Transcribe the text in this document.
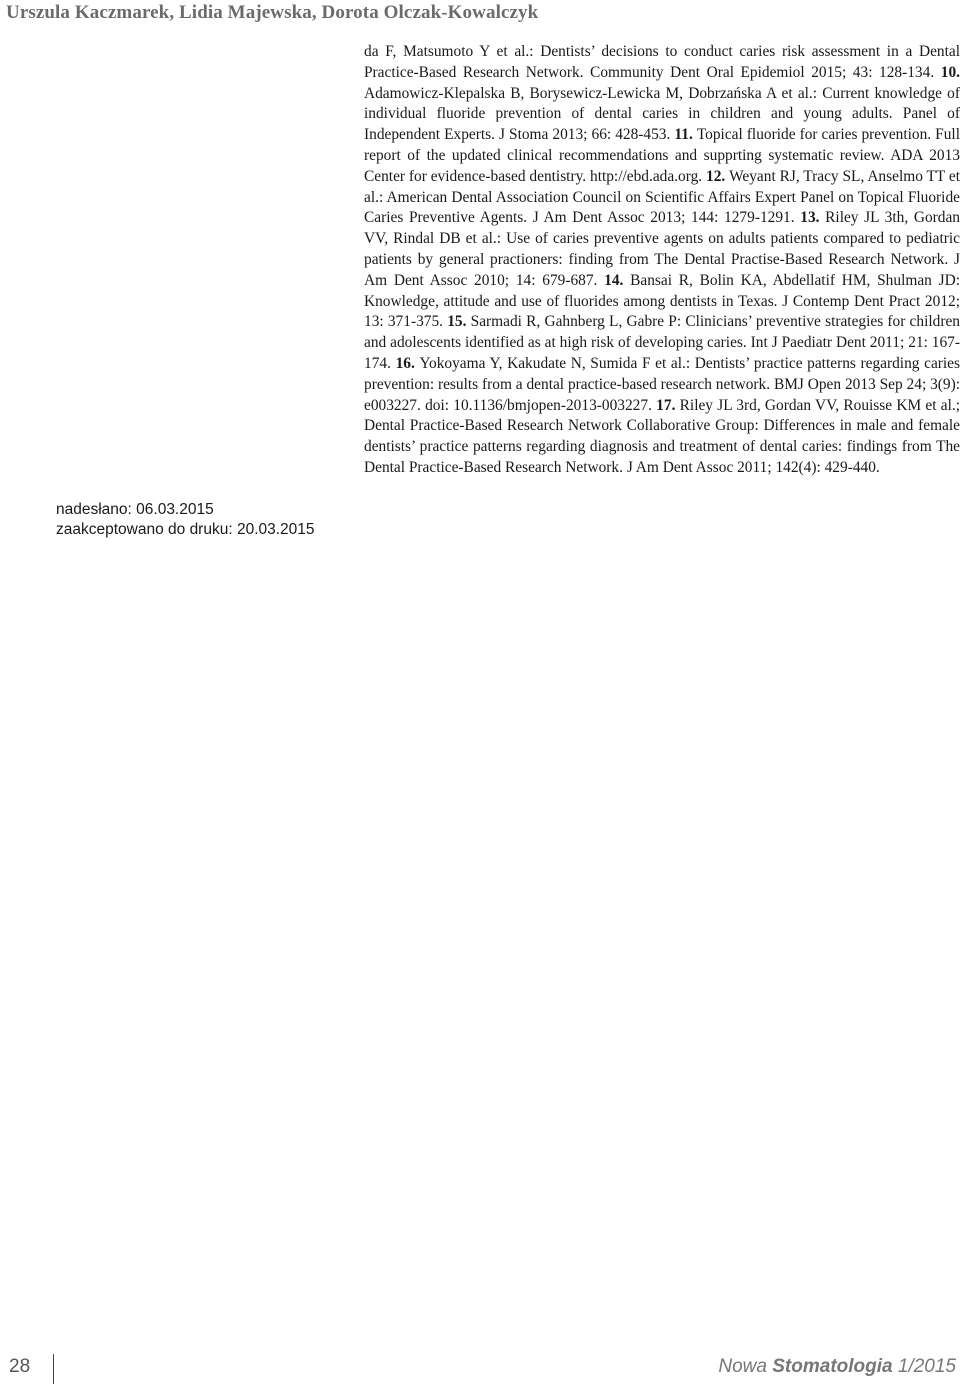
Urszula Kaczmarek, Lidia Majewska, Dorota Olczak-Kowalczyk
nadesłano: 06.03.2015
zaakceptowano do druku: 20.03.2015
da F, Matsumoto Y et al.: Dentists’ decisions to conduct caries risk assessment in a Dental Practice-Based Research Network. Community Dent Oral Epidemiol 2015; 43: 128-134. 10. Adamowicz-Klepalska B, Borysewicz-Lewicka M, Dobrzańska A et al.: Current knowledge of individual fluoride prevention of dental caries in children and young adults. Panel of Independent Experts. J Stoma 2013; 66: 428-453. 11. Topical fluoride for caries prevention. Full report of the updated clinical recommendations and supprting systematic review. ADA 2013 Center for evidence-based dentistry. http://ebd.ada.org. 12. Weyant RJ, Tracy SL, Anselmo TT et al.: American Dental Association Council on Scientific Affairs Expert Panel on Topical Fluoride Caries Preventive Agents. J Am Dent Assoc 2013; 144: 1279-1291. 13. Riley JL 3th, Gordan VV, Rindal DB et al.: Use of caries preventive agents on adults patients compared to pediatric patients by general practioners: finding from The Dental Practise-Based Research Network. J Am Dent Assoc 2010; 14: 679-687. 14. Bansai R, Bolin KA, Abdellatif HM, Shulman JD: Knowledge, attitude and use of fluorides among dentists in Texas. J Contemp Dent Pract 2012; 13: 371-375. 15. Sarmadi R, Gahnberg L, Gabre P: Clinicians’ preventive strategies for children and adolescents identified as at high risk of developing caries. Int J Paediatr Dent 2011; 21: 167-174. 16. Yokoyama Y, Kakudate N, Sumida F et al.: Dentists’ practice patterns regarding caries prevention: results from a dental practice-based research network. BMJ Open 2013 Sep 24; 3(9): e003227. doi: 10.1136/bmjopen-2013-003227. 17. Riley JL 3rd, Gordan VV, Rouisse KM et al.; Dental Practice-Based Research Network Collaborative Group: Differences in male and female dentists’ practice patterns regarding diagnosis and treatment of dental caries: findings from The Dental Practice-Based Research Network. J Am Dent Assoc 2011; 142(4): 429-440.
28	Nowa Stomatologia 1/2015
